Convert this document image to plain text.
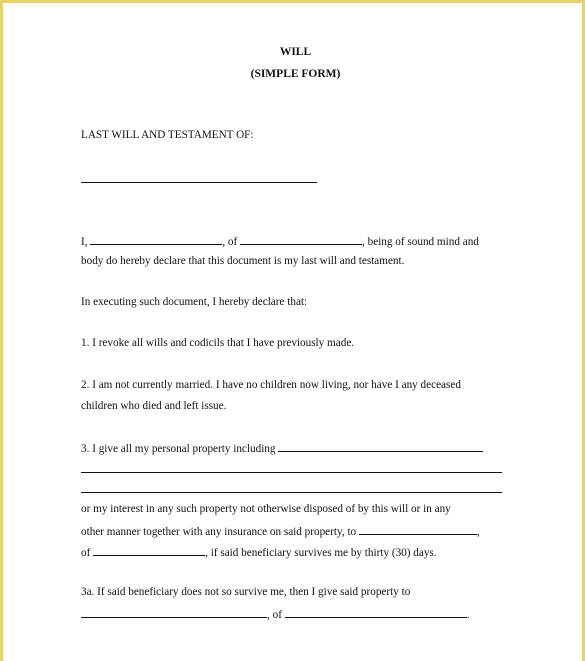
WILL
(SIMPLE FORM)
LAST WILL AND TESTAMENT OF:
I,	, of	, being of sound mind and
body do hereby declare that this document is my last will and testament.
In executing such document, I hereby declare that:
1. I revoke all wills and codicils that I have previously made.
2. I am not currently married. I have no children now living, nor have I any deceased
children who died and left issue.
3. I give all my personal property including
or my interest in any such property not otherwise disposed of by this will or in any
other manner together with any insurance on said property, to	,
of	, if said beneficiary survives me by thirty (30) days.
3a. If said beneficiary does not so survive me, then I give said property to
, of	.
